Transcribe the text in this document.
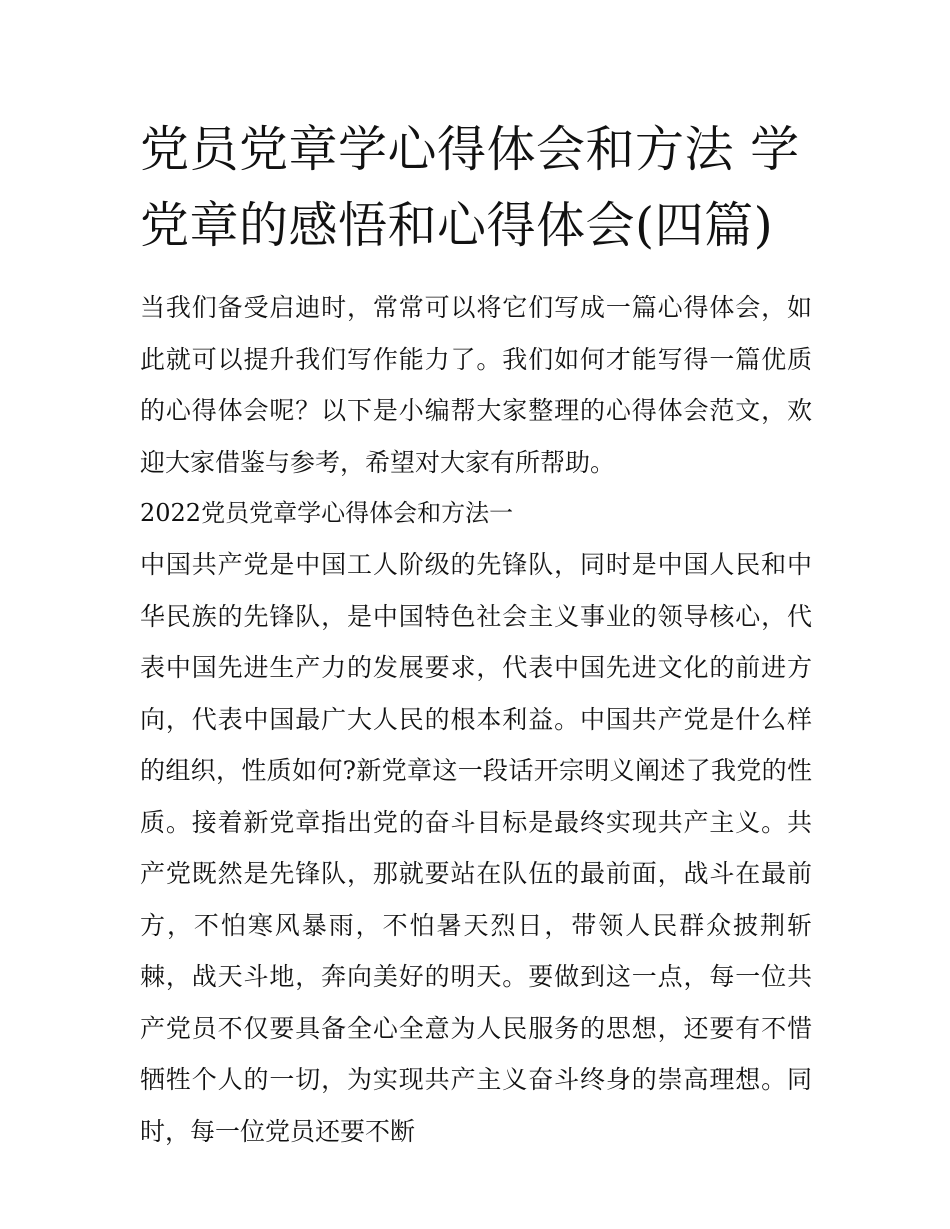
党员党章学心得体会和方法 学党章的感悟和心得体会(四篇)

当我们备受启迪时，常常可以将它们写成一篇心得体会，如此就可以提升我们写作能力了。我们如何才能写得一篇优质的心得体会呢？以下是小编帮大家整理的心得体会范文，欢迎大家借鉴与参考，希望对大家有所帮助。

2022党员党章学心得体会和方法一

中国共产党是中国工人阶级的先锋队，同时是中国人民和中华民族的先锋队，是中国特色社会主义事业的领导核心，代表中国先进生产力的发展要求，代表中国先进文化的前进方向，代表中国最广大人民的根本利益。中国共产党是什么样的组织，性质如何?新党章这一段话开宗明义阐述了我党的性质。接着新党章指出党的奋斗目标是最终实现共产主义。共产党既然是先锋队，那就要站在队伍的最前面，战斗在最前方，不怕寒风暴雨，不怕暑天烈日，带领人民群众披荆斩棘，战天斗地，奔向美好的明天。要做到这一点，每一位共产党员不仅要具备全心全意为人民服务的思想，还要有不惜牺牲个人的一切，为实现共产主义奋斗终身的崇高理想。同时，每一位党员还要不断
